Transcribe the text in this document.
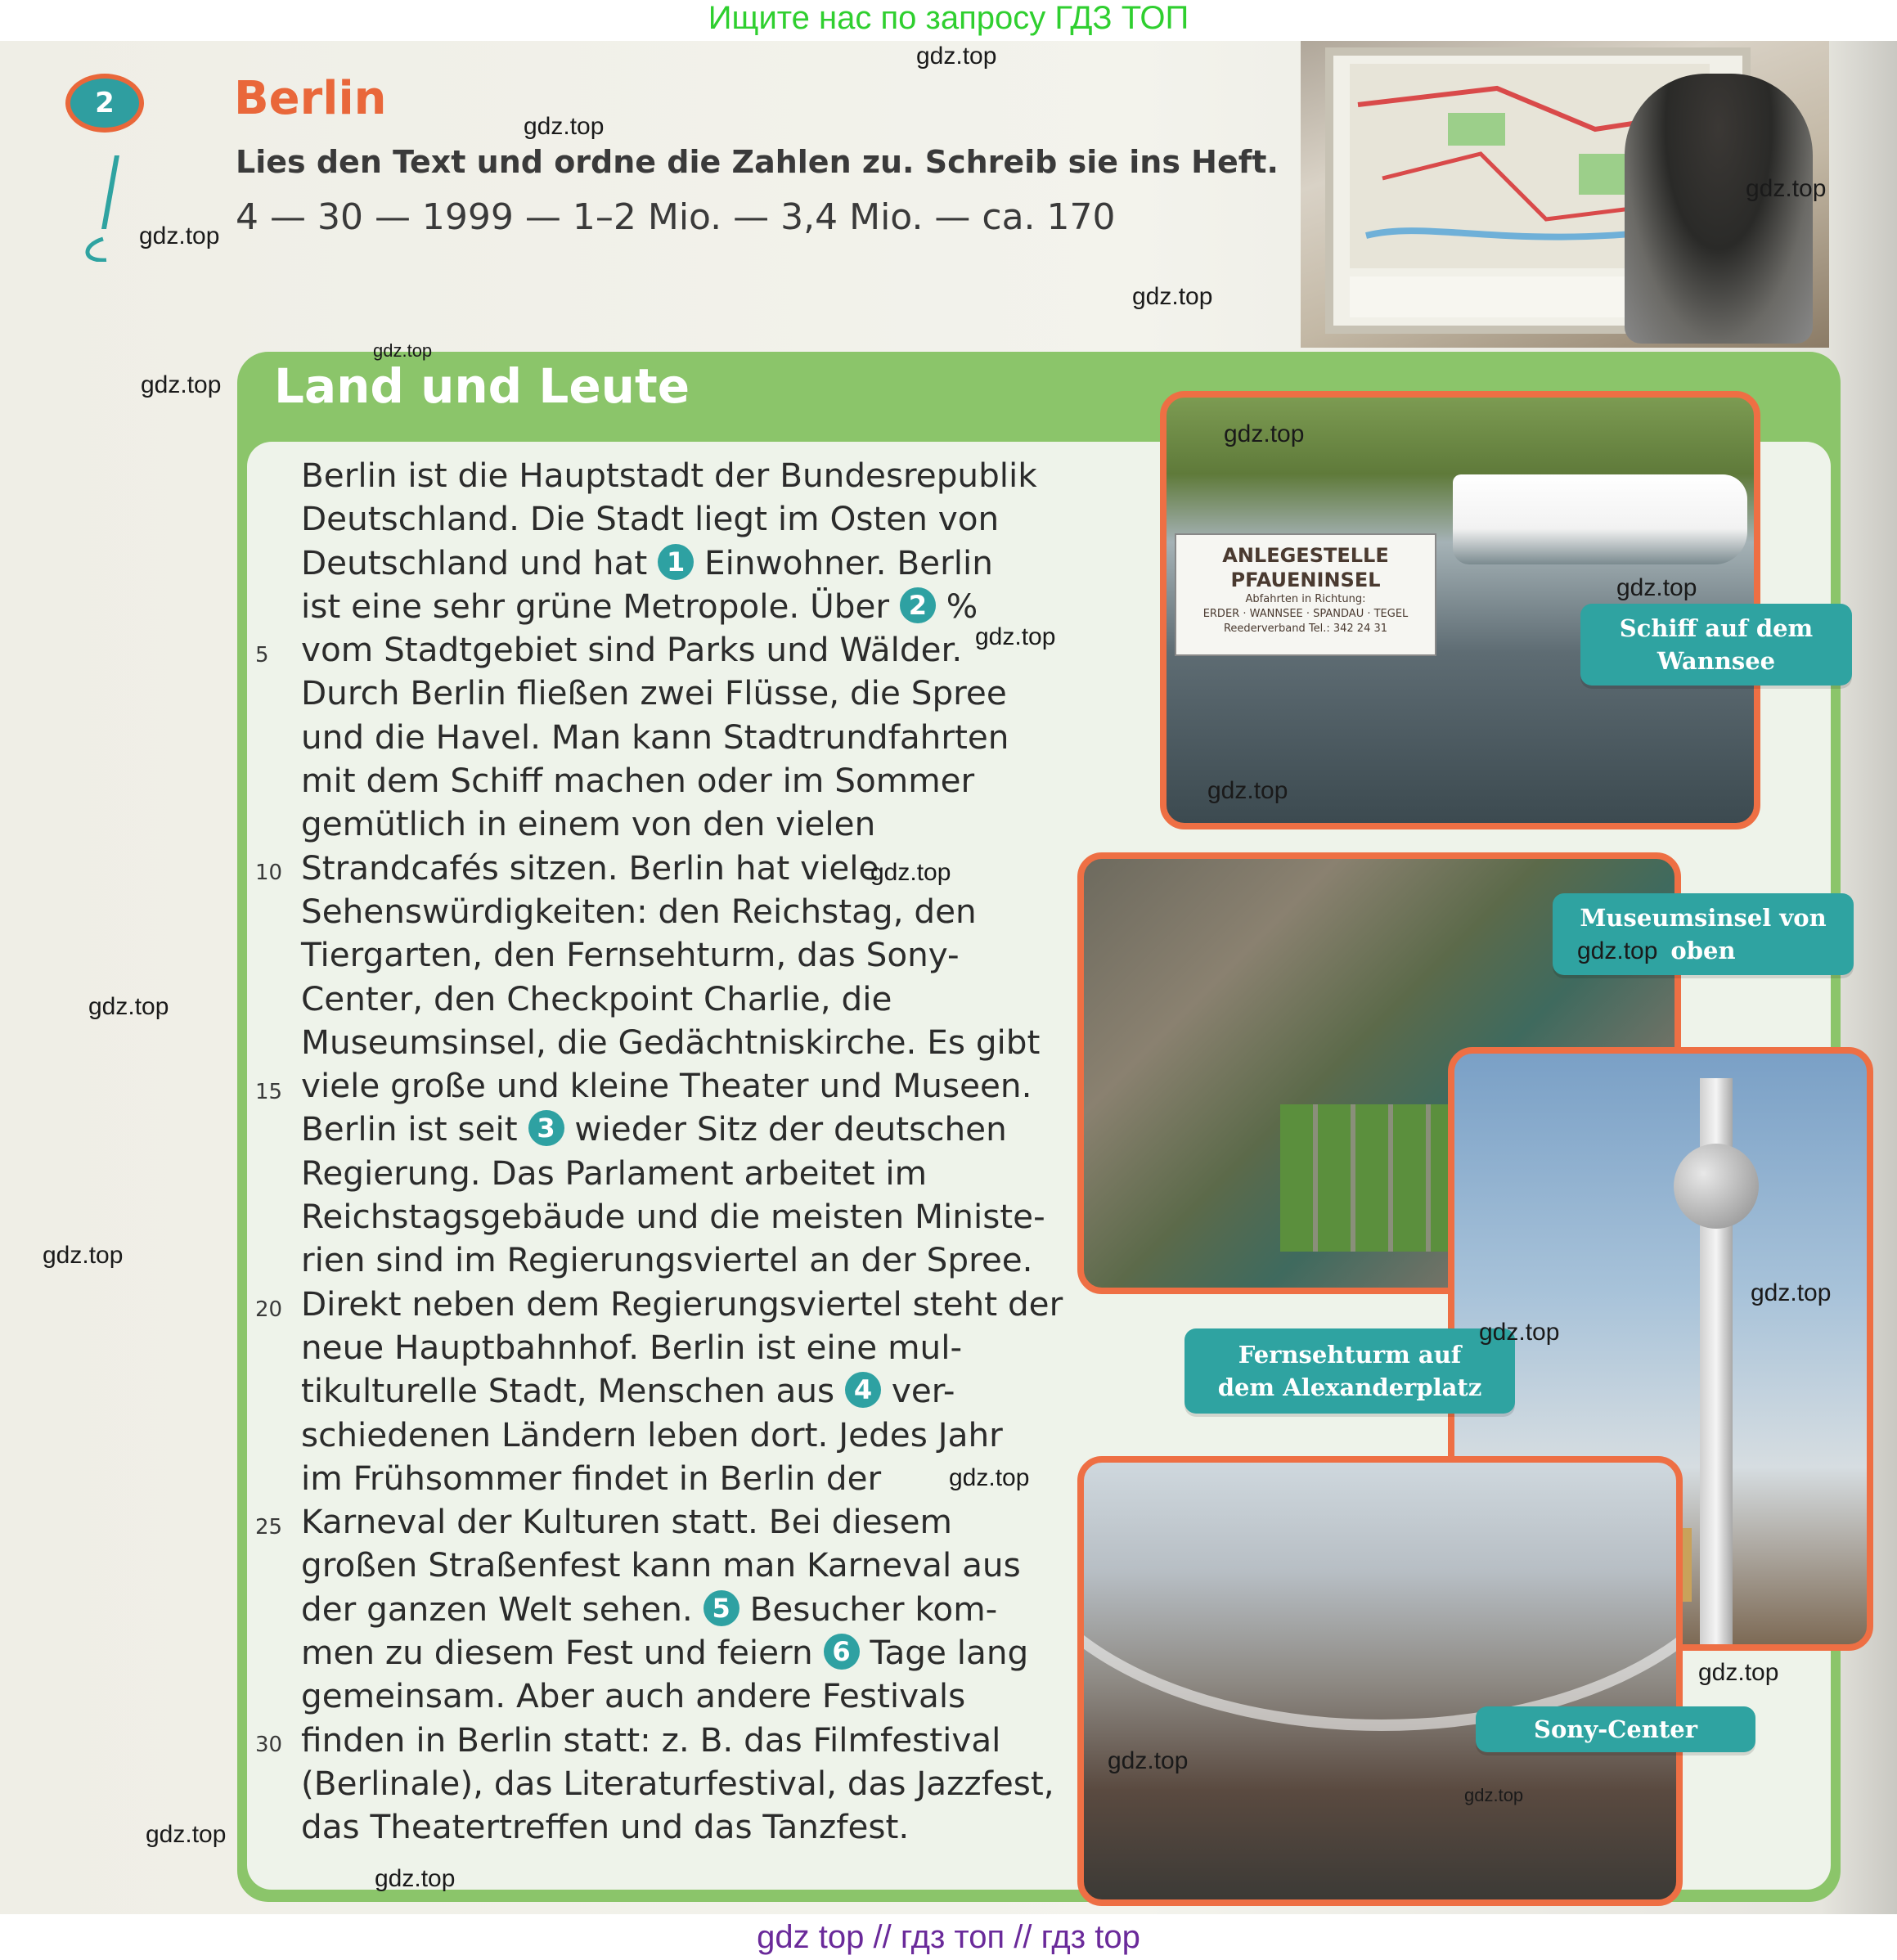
Ищите нас по запросу ГДЗ ТОП
2	Berlin
Lies den Text und ordne die Zahlen zu. Schreib sie ins Heft.
4 — 30 — 1999 — 1–2 Mio. — 3,4 Mio. — ca. 170
Land und Leute
5
10
15
20
25
30
Berlin ist die Hauptstadt der Bundesrepublik
Deutschland. Die Stadt liegt im Osten von
Deutschland und hat 1 Einwohner. Berlin
ist eine sehr grüne Metropole. Über 2 %
vom Stadtgebiet sind Parks und Wälder.
Durch Berlin fließen zwei Flüsse, die Spree
und die Havel. Man kann Stadtrundfahrten
mit dem Schiff machen oder im Sommer
gemütlich in einem von den vielen
Strandcafés sitzen. Berlin hat viele
Sehenswürdigkeiten: den Reichstag, den
Tiergarten, den Fernsehturm, das Sony-
Center, den Checkpoint Charlie, die
Museumsinsel, die Gedächtniskirche. Es gibt
viele große und kleine Theater und Museen.
Berlin ist seit 3 wieder Sitz der deutschen
Regierung. Das Parlament arbeitet im
Reichstagsgebäude und die meisten Ministe-
rien sind im Regierungsviertel an der Spree.
Direkt neben dem Regierungsviertel steht der
neue Hauptbahnhof. Berlin ist eine mul-
tikulturelle Stadt, Menschen aus 4 ver-
schiedenen Ländern leben dort. Jedes Jahr
im Frühsommer findet in Berlin der
Karneval der Kulturen statt. Bei diesem
großen Straßenfest kann man Karneval aus
der ganzen Welt sehen. 5 Besucher kom-
men zu diesem Fest und feiern 6 Tage lang
gemeinsam. Aber auch andere Festivals
finden in Berlin statt: z. B. das Filmfestival
(Berlinale), das Literaturfestival, das Jazzfest,
das Theatertreffen und das Tanzfest.
ANLEGESTELLE
PFAUENINSEL
Abfahrten in Richtung:
ERDER · WANNSEE · SPANDAU · TEGEL
Reederverband Tel.: 342 24 31	Schiff auf dem
Wannsee
Museumsinsel von
oben
Fernsehturm auf
dem Alexanderplatz
Sony-Center
gdz.top
gdz.top
gdz.top
gdz.top
gdz.top
gdz.top
gdz.top
gdz.top
gdz.top
gdz.top
gdz.top
gdz.top
gdz.top
gdz.top
gdz.top
gdz.top
gdz.top
gdz.top
gdz.top
gdz.top
gdz.top
gdz.top
gdz.top
gdz top // гдз топ // гдз top
